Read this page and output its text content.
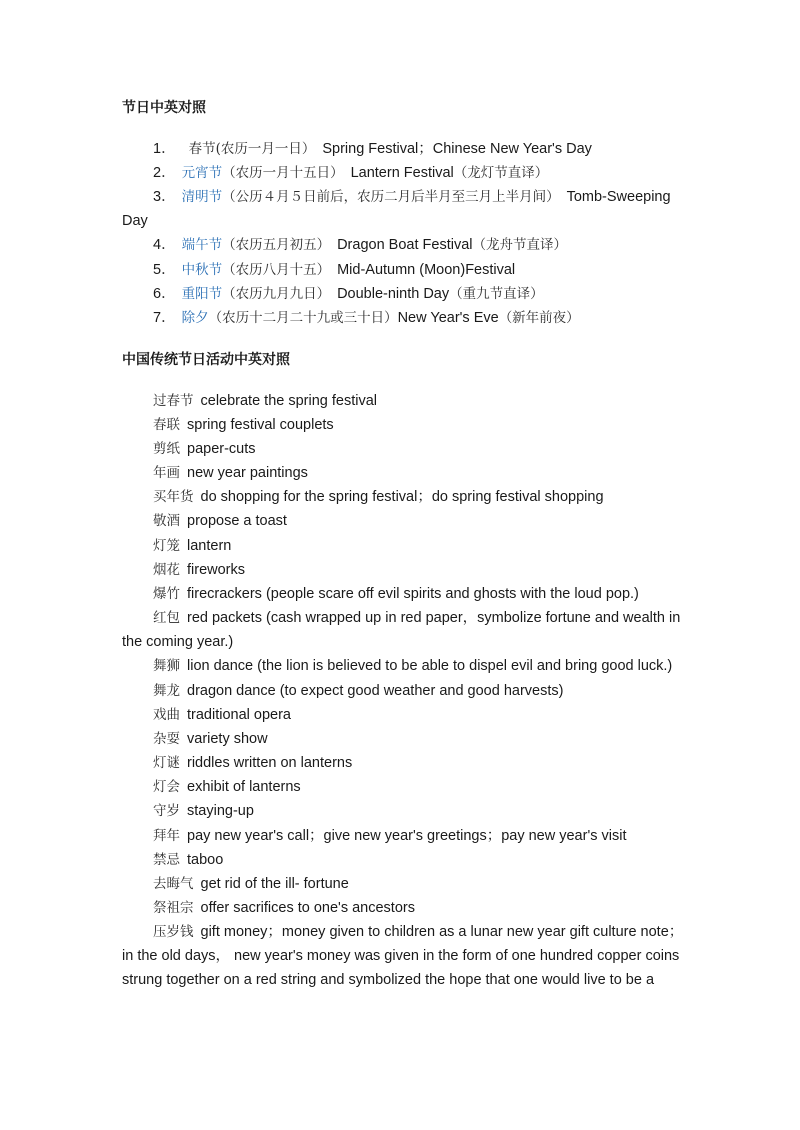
节日中英对照
1． 春节(农历一月一日） Spring Festival；Chinese New Year's Day
2． 元宵节（农历一月十五日） Lantern Festival（龙灯节直译）
3． 清明节（公历４月５日前后，农历二月后半月至三月上半月间） Tomb-Sweeping
Day
4． 端午节（农历五月初五） Dragon Boat Festival（龙舟节直译）
5． 中秋节（农历八月十五） Mid-Autumn (Moon)Festival
6． 重阳节（农历九月九日） Double-ninth Day（重九节直译）
7． 除夕（农历十二月二十九或三十日）New Year's Eve（新年前夜）
中国传统节日活动中英对照
过春节 celebrate the spring festival
春联 spring festival couplets
剪纸 paper-cuts
年画 new year paintings
买年货 do shopping for the spring festival；do spring festival shopping
敬酒 propose a toast
灯笼 lantern
烟花 fireworks
爆竹 firecrackers (people scare off evil spirits and ghosts with the loud pop.)
红包 red packets (cash wrapped up in red paper，symbolize fortune and wealth in
the coming year.)
舞狮 lion dance (the lion is believed to be able to dispel evil and bring good luck.)
舞龙 dragon dance (to expect good weather and good harvests)
戏曲 traditional opera
杂耍 variety show
灯谜 riddles written on lanterns
灯会 exhibit of lanterns
守岁 staying-up
拜年 pay new year's call；give new year's greetings；pay new year's visit
禁忌 taboo
去晦气 get rid of the ill- fortune
祭祖宗 offer sacrifices to one's ancestors
压岁钱 gift money；money given to children as a lunar new year gift culture note；
in the old days， new year's money was given in the form of one hundred copper coins
strung together on a red string and symbolized the hope that one would live to be a
